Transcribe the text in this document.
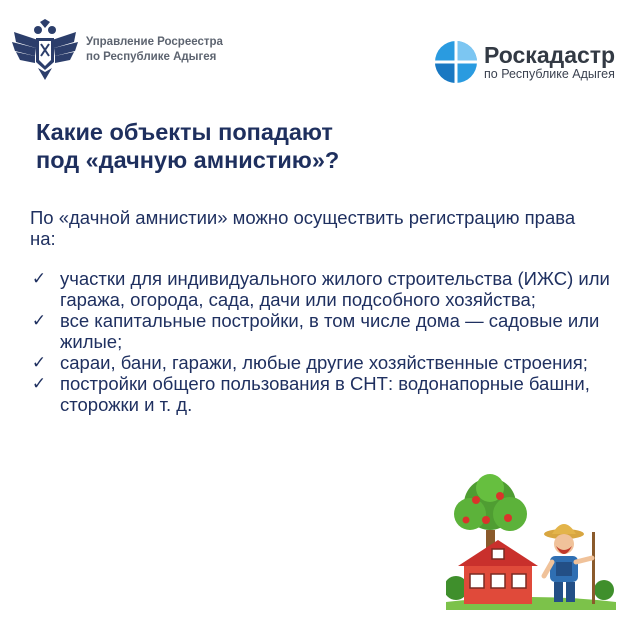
Управление Росреестра
по Республике Адыгея	Роскадастр
по Республике Адыгея
Какие объекты попадают
под «дачную амнистию»?
По «дачной амнистии» можно осуществить регистрацию права на:
✓ участки для индивидуального жилого строительства (ИЖС) или гаража, огорода, сада, дачи или подсобного хозяйства;
✓ все капитальные постройки, в том числе дома — садовые или жилые;
✓ сараи, бани, гаражи, любые другие хозяйственные строения;
✓ постройки общего пользования в СНТ: водонапорные башни, сторожки и т. д.
